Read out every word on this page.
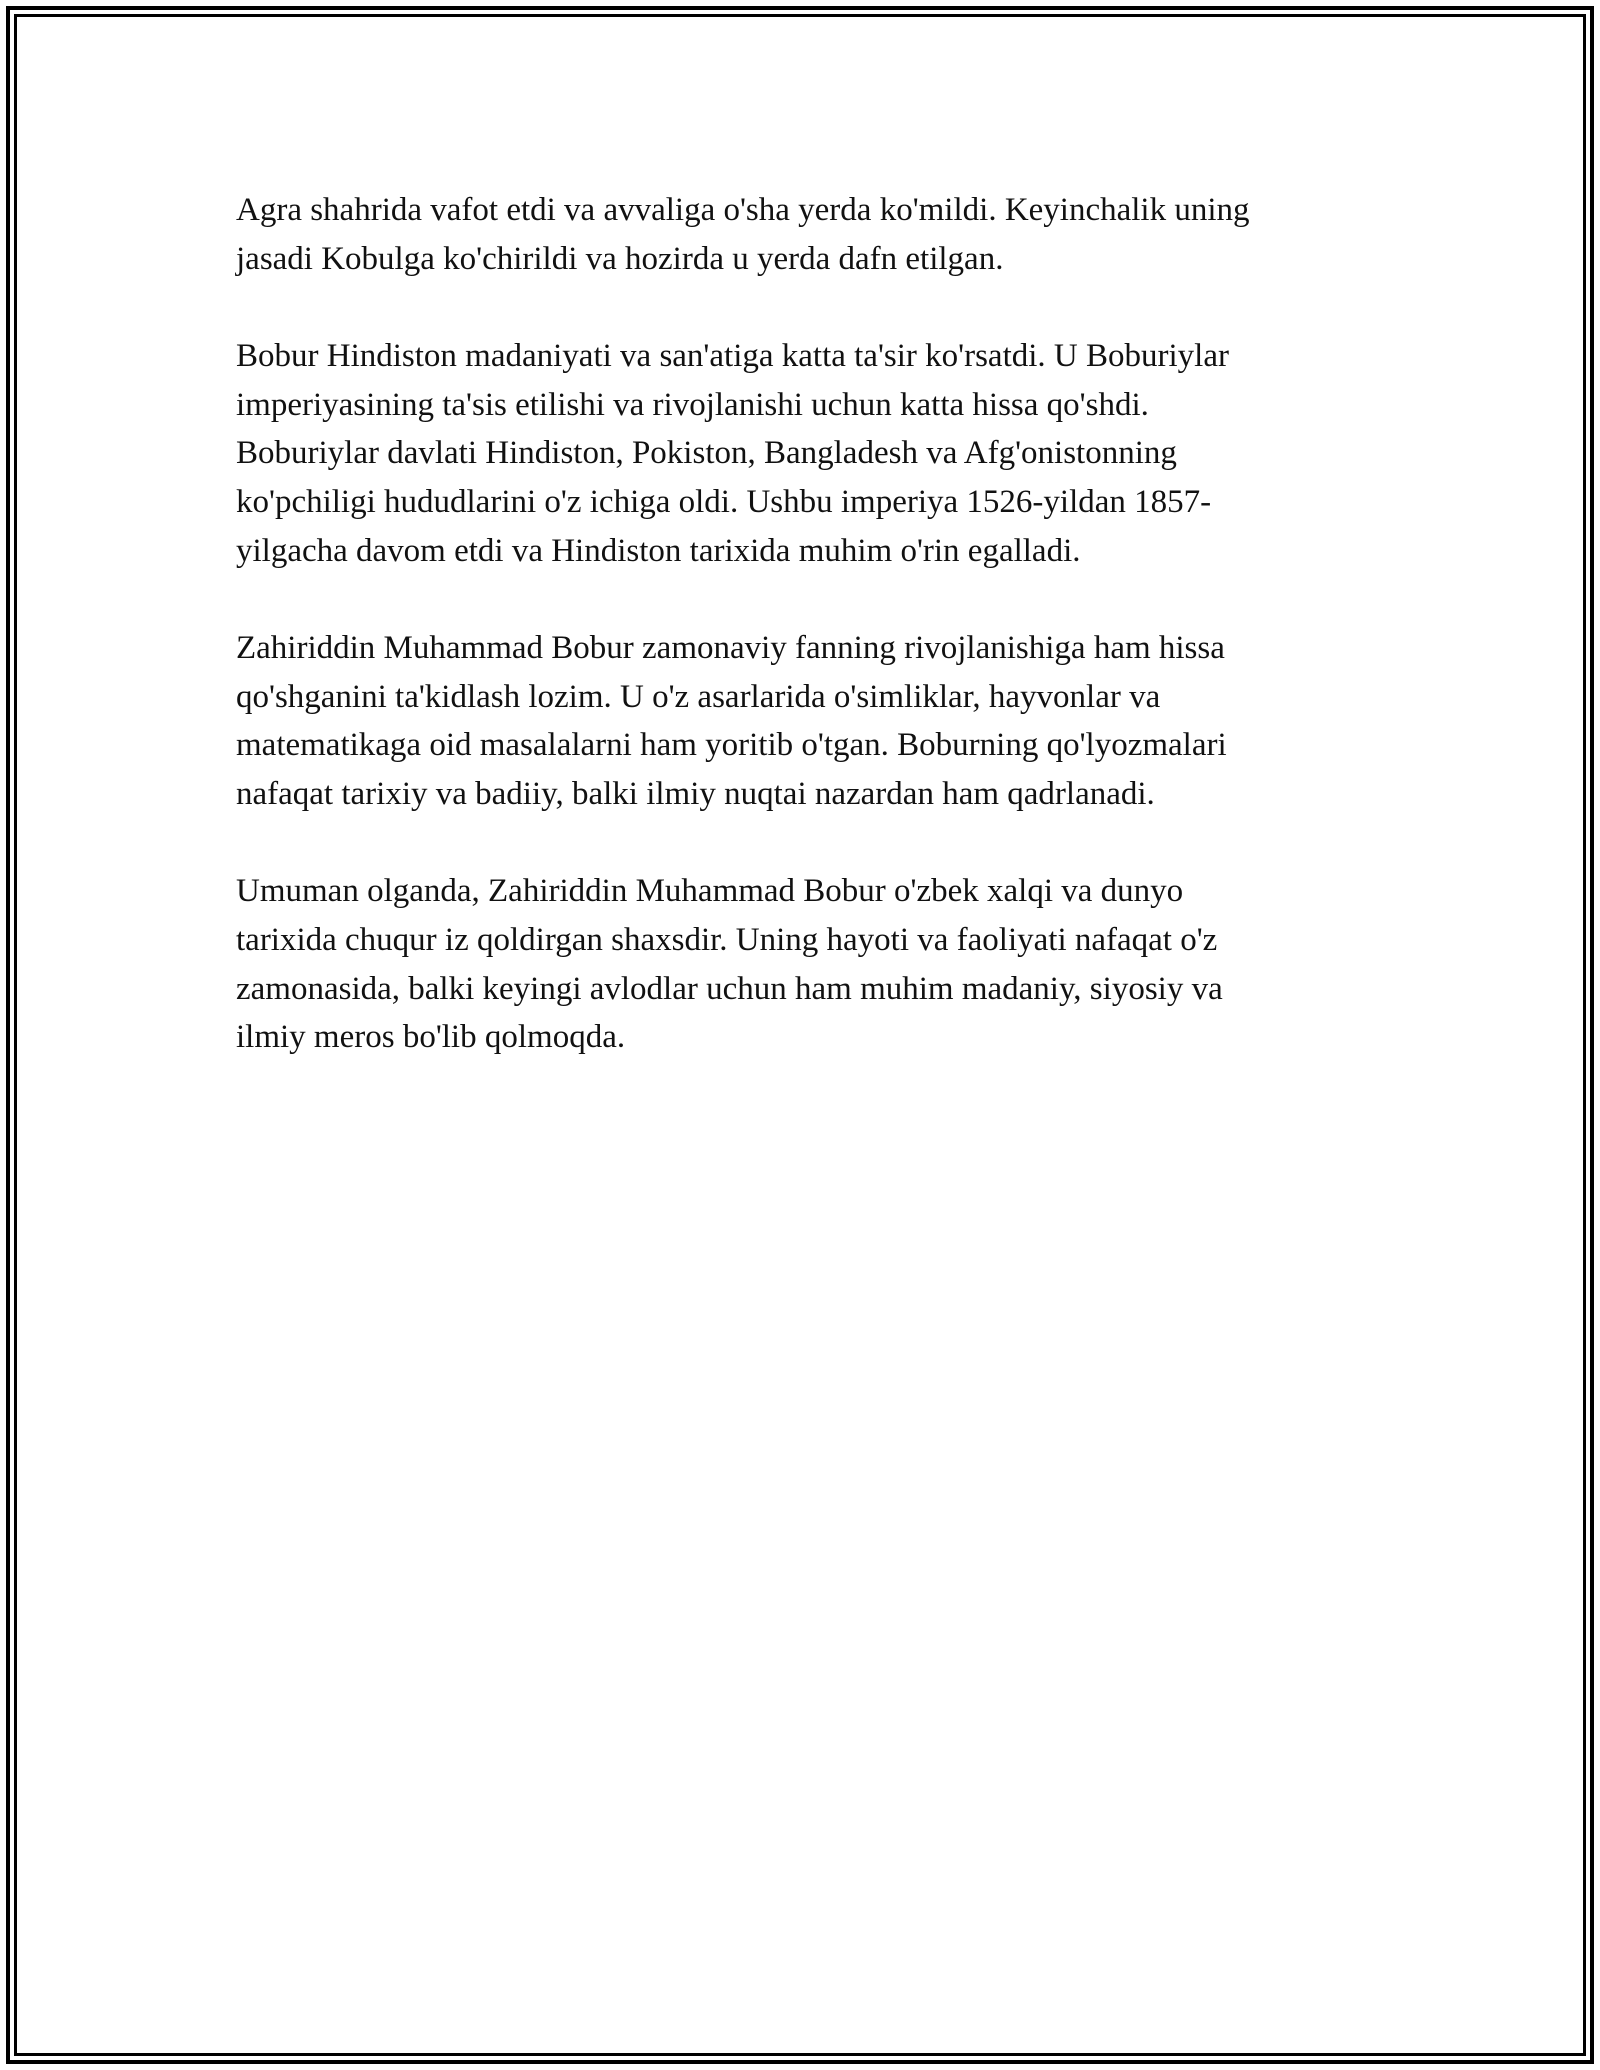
Agra shahrida vafot etdi va avvaliga o'sha yerda ko'mildi. Keyinchalik uning
jasadi Kobulga ko'chirildi va hozirda u yerda dafn etilgan.

Bobur Hindiston madaniyati va san'atiga katta ta'sir ko'rsatdi. U Boburiylar
imperiyasining ta'sis etilishi va rivojlanishi uchun katta hissa qo'shdi.
Boburiylar davlati Hindiston, Pokiston, Bangladesh va Afg'onistonning
ko'pchiligi hududlarini o'z ichiga oldi. Ushbu imperiya 1526-yildan 1857-
yilgacha davom etdi va Hindiston tarixida muhim o'rin egalladi.

Zahiriddin Muhammad Bobur zamonaviy fanning rivojlanishiga ham hissa
qo'shganini ta'kidlash lozim. U o'z asarlarida o'simliklar, hayvonlar va
matematikaga oid masalalarni ham yoritib o'tgan. Boburning qo'lyozmalari
nafaqat tarixiy va badiiy, balki ilmiy nuqtai nazardan ham qadrlanadi.

Umuman olganda, Zahiriddin Muhammad Bobur o'zbek xalqi va dunyo
tarixida chuqur iz qoldirgan shaxsdir. Uning hayoti va faoliyati nafaqat o'z
zamonasida, balki keyingi avlodlar uchun ham muhim madaniy, siyosiy va
ilmiy meros bo'lib qolmoqda.
